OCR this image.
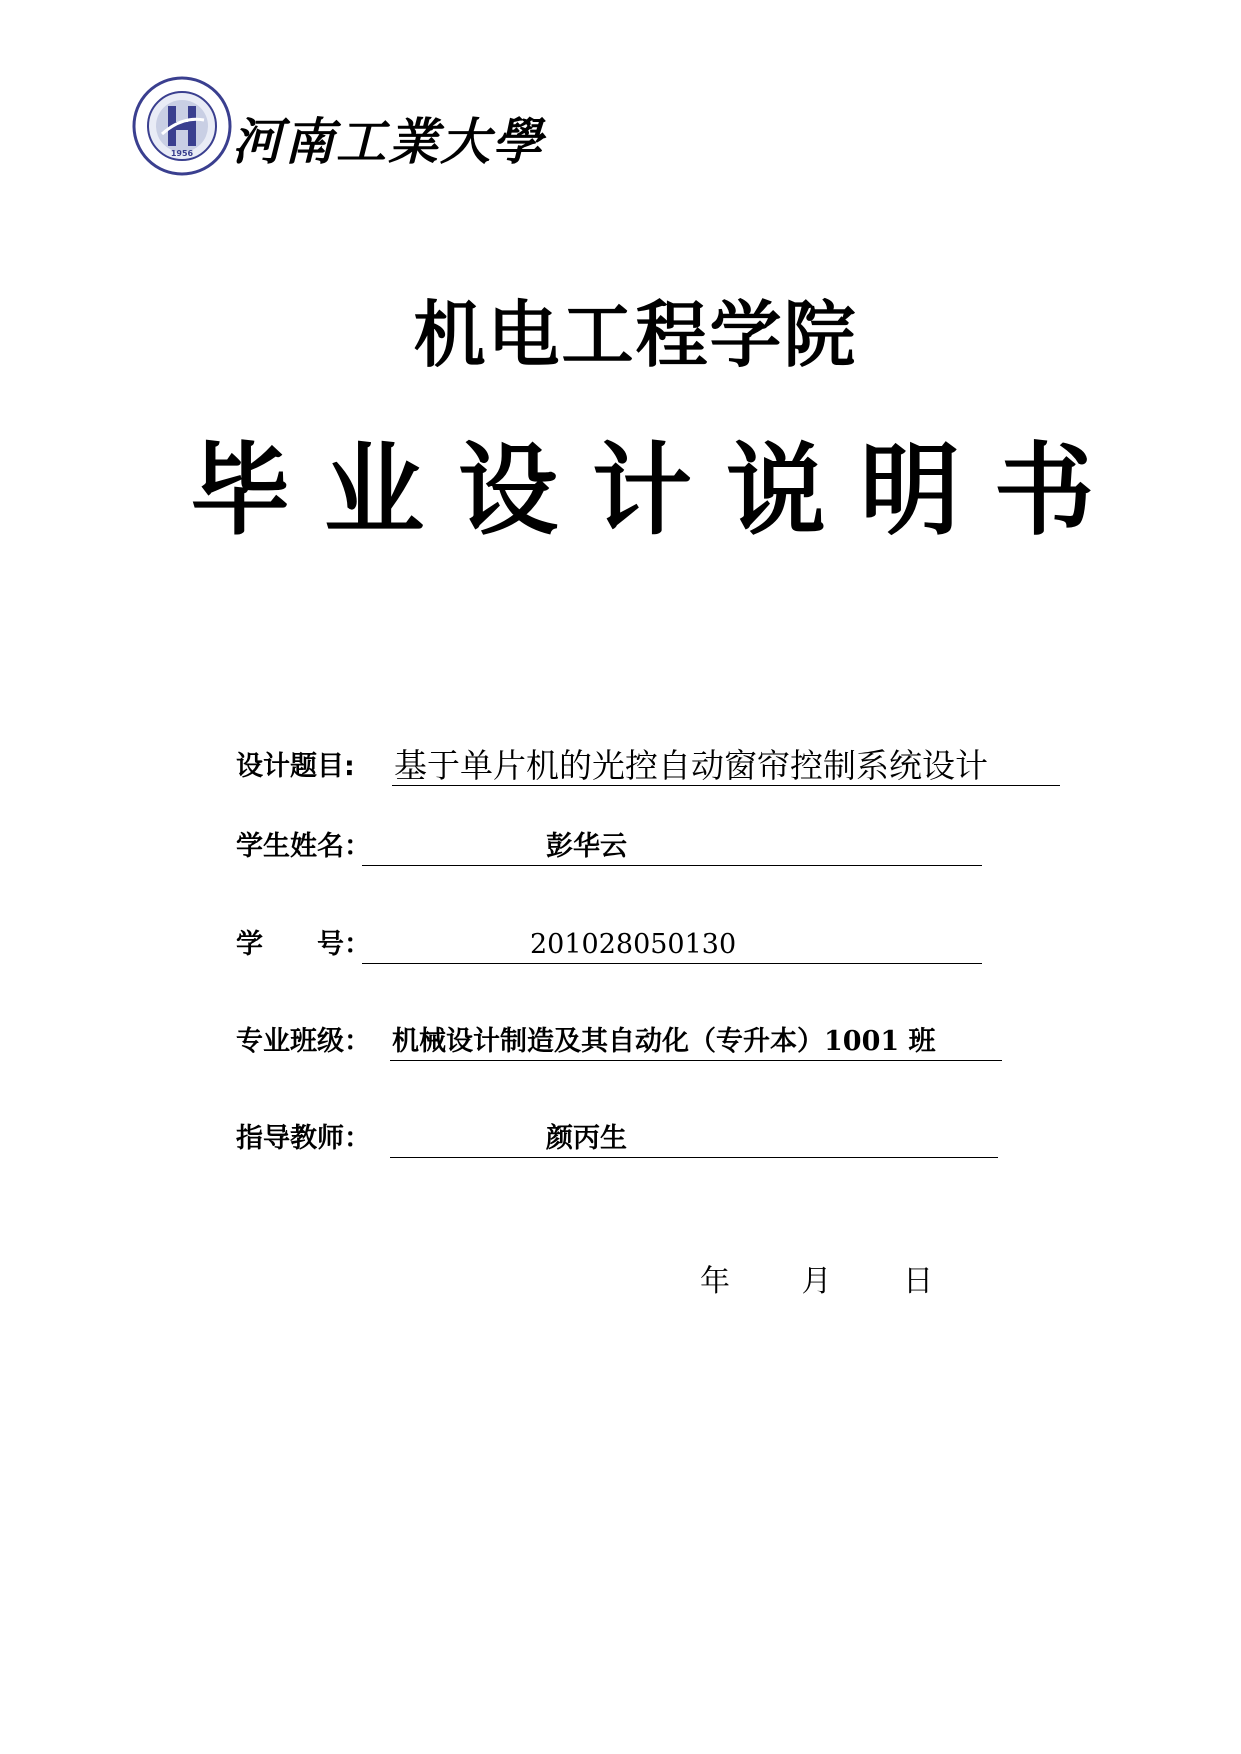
1956 河南工業大學
机电工程学院
毕业设计说明书
设计题目: 基于单片机的光控自动窗帘控制系统设计
学生姓名：	彭华云
学　　号：	201028050130
专业班级： 机械设计制造及其自动化（专升本）1001 班
指导教师：	颜丙生
年 月 日
